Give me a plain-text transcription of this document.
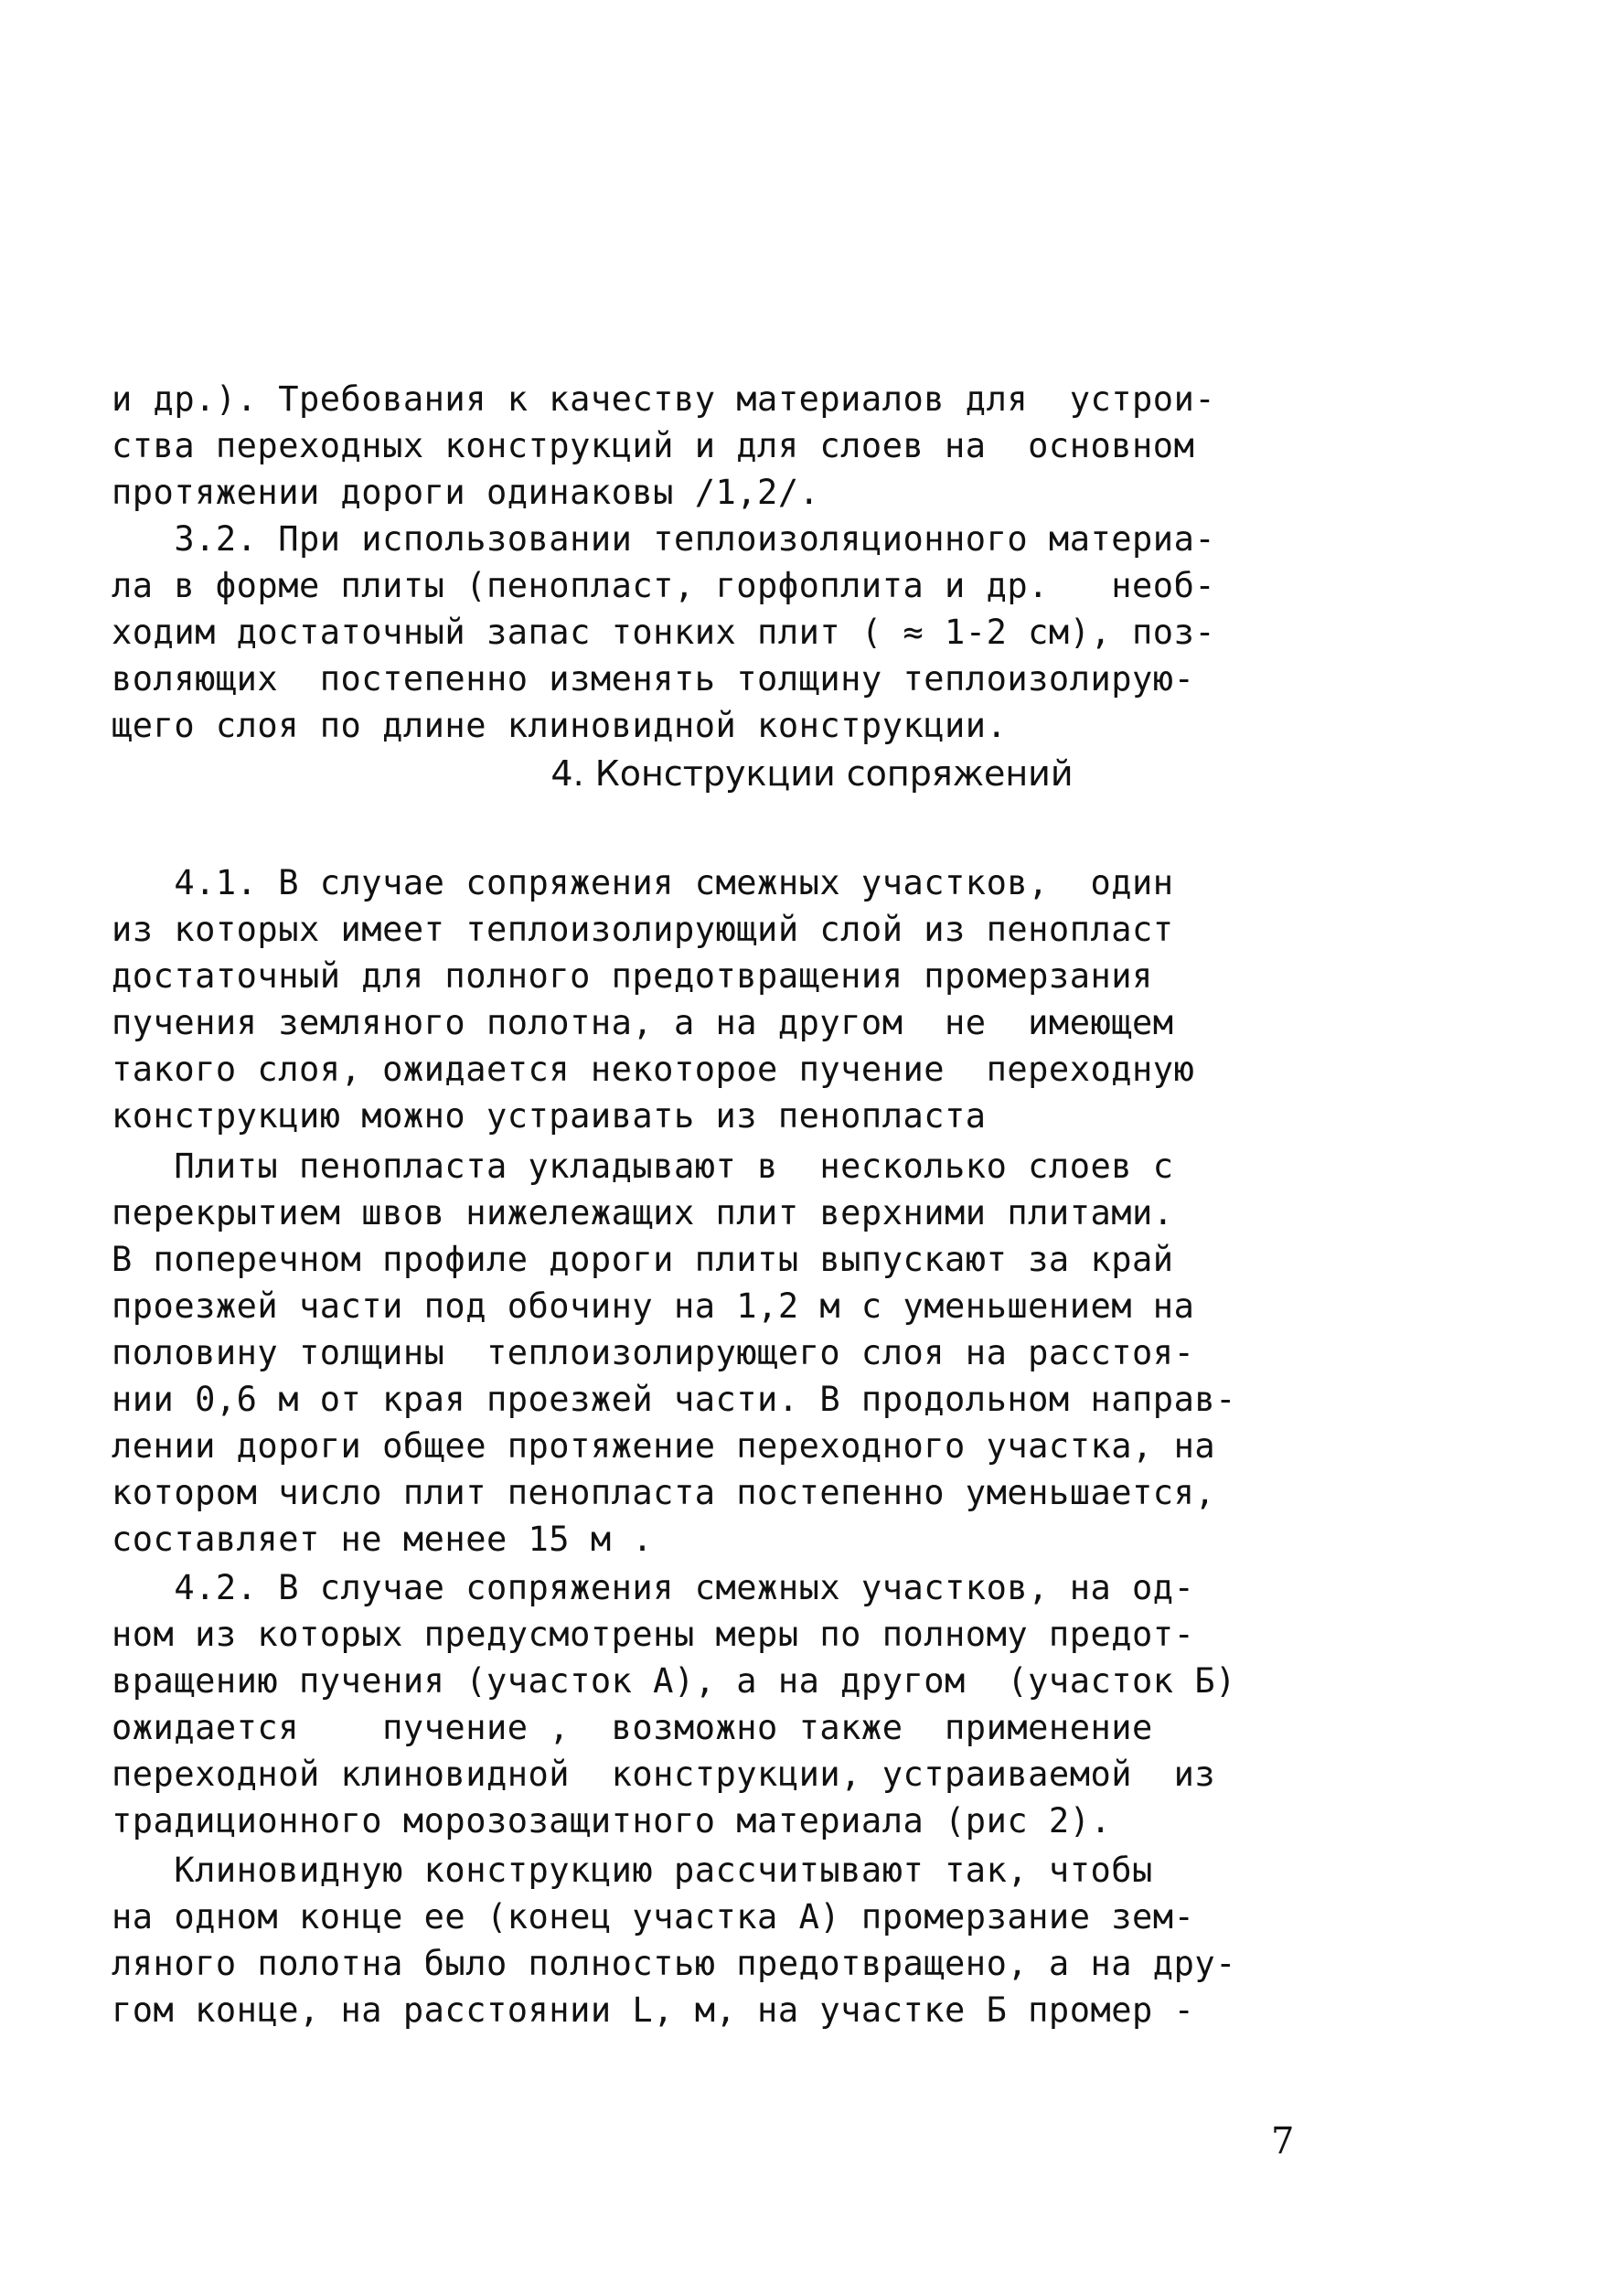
и др.). Требования к качеству материалов для  устрои-
ства переходных конструкций и для слоев на  основном
протяжении дороги одинаковы /1,2/.
3.2. При использовании теплоизоляционного материа-
ла в форме плиты (пенопласт, горфоплита и др.   необ-
ходим достаточный запас тонких плит ( ≈ 1-2 см), поз-
воляющих  постепенно изменять толщину теплоизолирую-
щего слоя по длине клиновидной конструкции.
4. Конструкции сопряжений
4.1. В случае сопряжения смежных участков,  один
из которых имеет теплоизолирующий слой из пенопласт
достаточный для полного предотвращения промерзания
пучения земляного полотна, а на другом  не  имеющем
такого слоя, ожидается некоторое пучение  переходную
конструкцию можно устраивать из пенопласта
Плиты пенопласта укладывают в  несколько слоев с
перекрытием швов нижележащих плит верхними плитами.
В поперечном профиле дороги плиты выпускают за край
проезжей части под обочину на 1,2 м с уменьшением на
половину толщины  теплоизолирующего слоя на расстоя-
нии 0,6 м от края проезжей части. В продольном направ-
лении дороги общее протяжение переходного участка, на
котором число плит пенопласта постепенно уменьшается,
составляет не менее 15 м .
4.2. В случае сопряжения смежных участков, на од-
ном из которых предусмотрены меры по полному предот-
вращению пучения (участок А), а на другом  (участок Б)
ожидается    пучение ,  возможно также  применение
переходной клиновидной  конструкции, устраиваемой  из
традиционного морозозащитного материала (рис 2).
Клиновидную конструкцию рассчитывают так, чтобы
на одном конце ее (конец участка А) промерзание зем-
ляного полотна было полностью предотвращено, а на дру-
гом конце, на расстоянии L, м, на участке Б промер -
7
